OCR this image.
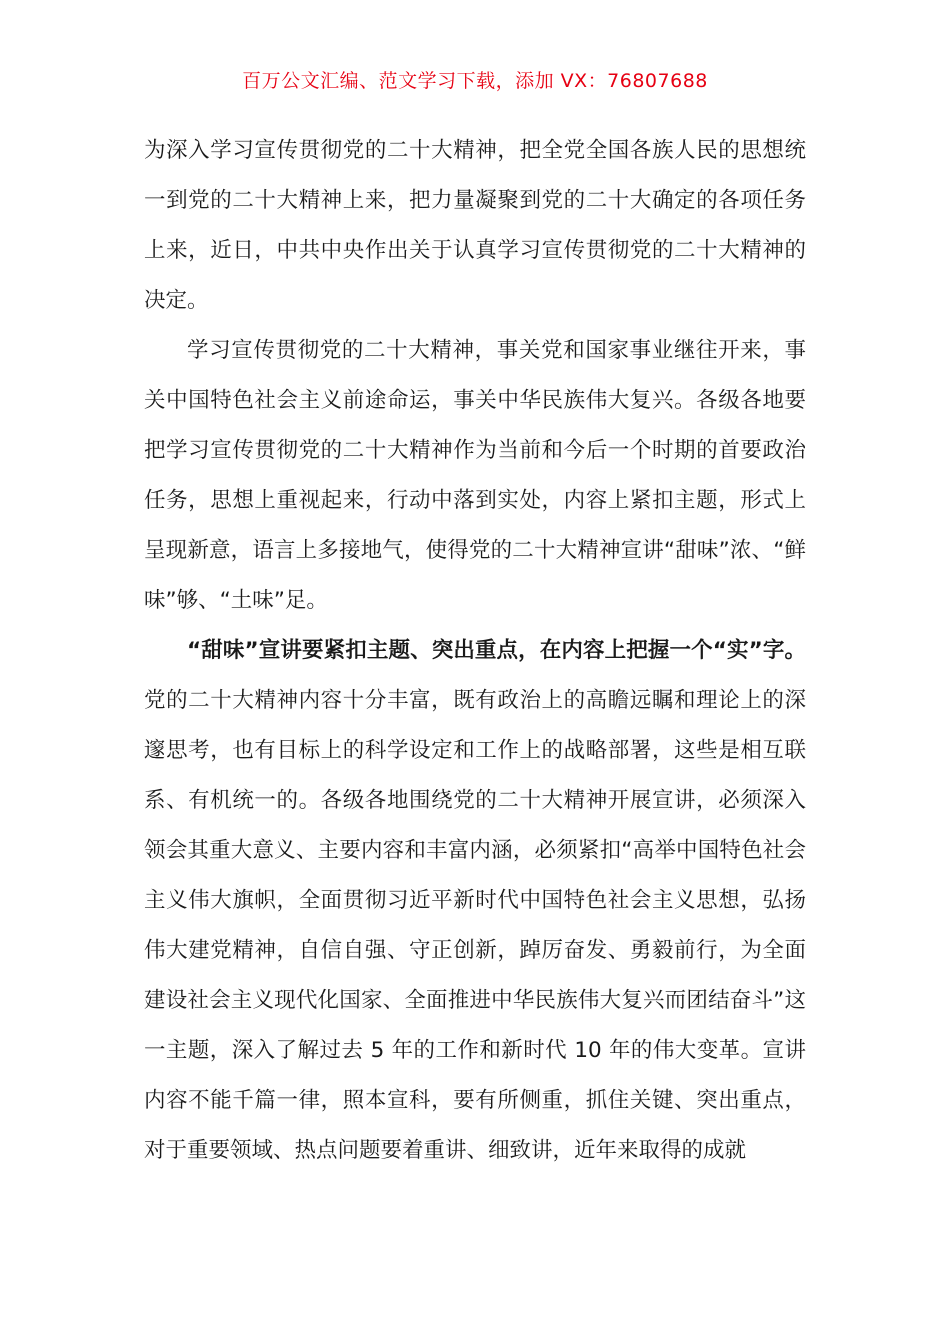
百万公文汇编、范文学习下载，添加 VX：76807688

为深入学习宣传贯彻党的二十大精神，把全党全国各族人民的思想统一到党的二十大精神上来，把力量凝聚到党的二十大确定的各项任务上来，近日，中共中央作出关于认真学习宣传贯彻党的二十大精神的决定。

学习宣传贯彻党的二十大精神，事关党和国家事业继往开来，事关中国特色社会主义前途命运，事关中华民族伟大复兴。各级各地要把学习宣传贯彻党的二十大精神作为当前和今后一个时期的首要政治任务，思想上重视起来，行动中落到实处，内容上紧扣主题，形式上呈现新意，语言上多接地气，使得党的二十大精神宣讲“甜味”浓、“鲜味”够、“土味”足。

“甜味”宣讲要紧扣主题、突出重点，在内容上把握一个“实”字。党的二十大精神内容十分丰富，既有政治上的高瞻远瞩和理论上的深邃思考，也有目标上的科学设定和工作上的战略部署，这些是相互联系、有机统一的。各级各地围绕党的二十大精神开展宣讲，必须深入领会其重大意义、主要内容和丰富内涵，必须紧扣“高举中国特色社会主义伟大旗帜，全面贯彻习近平新时代中国特色社会主义思想，弘扬伟大建党精神，自信自强、守正创新，踔厉奋发、勇毅前行，为全面建设社会主义现代化国家、全面推进中华民族伟大复兴而团结奋斗”这一主题，深入了解过去 5 年的工作和新时代 10 年的伟大变革。宣讲内容不能千篇一律，照本宣科，要有所侧重，抓住关键、突出重点，对于重要领域、热点问题要着重讲、细致讲，近年来取得的成就
